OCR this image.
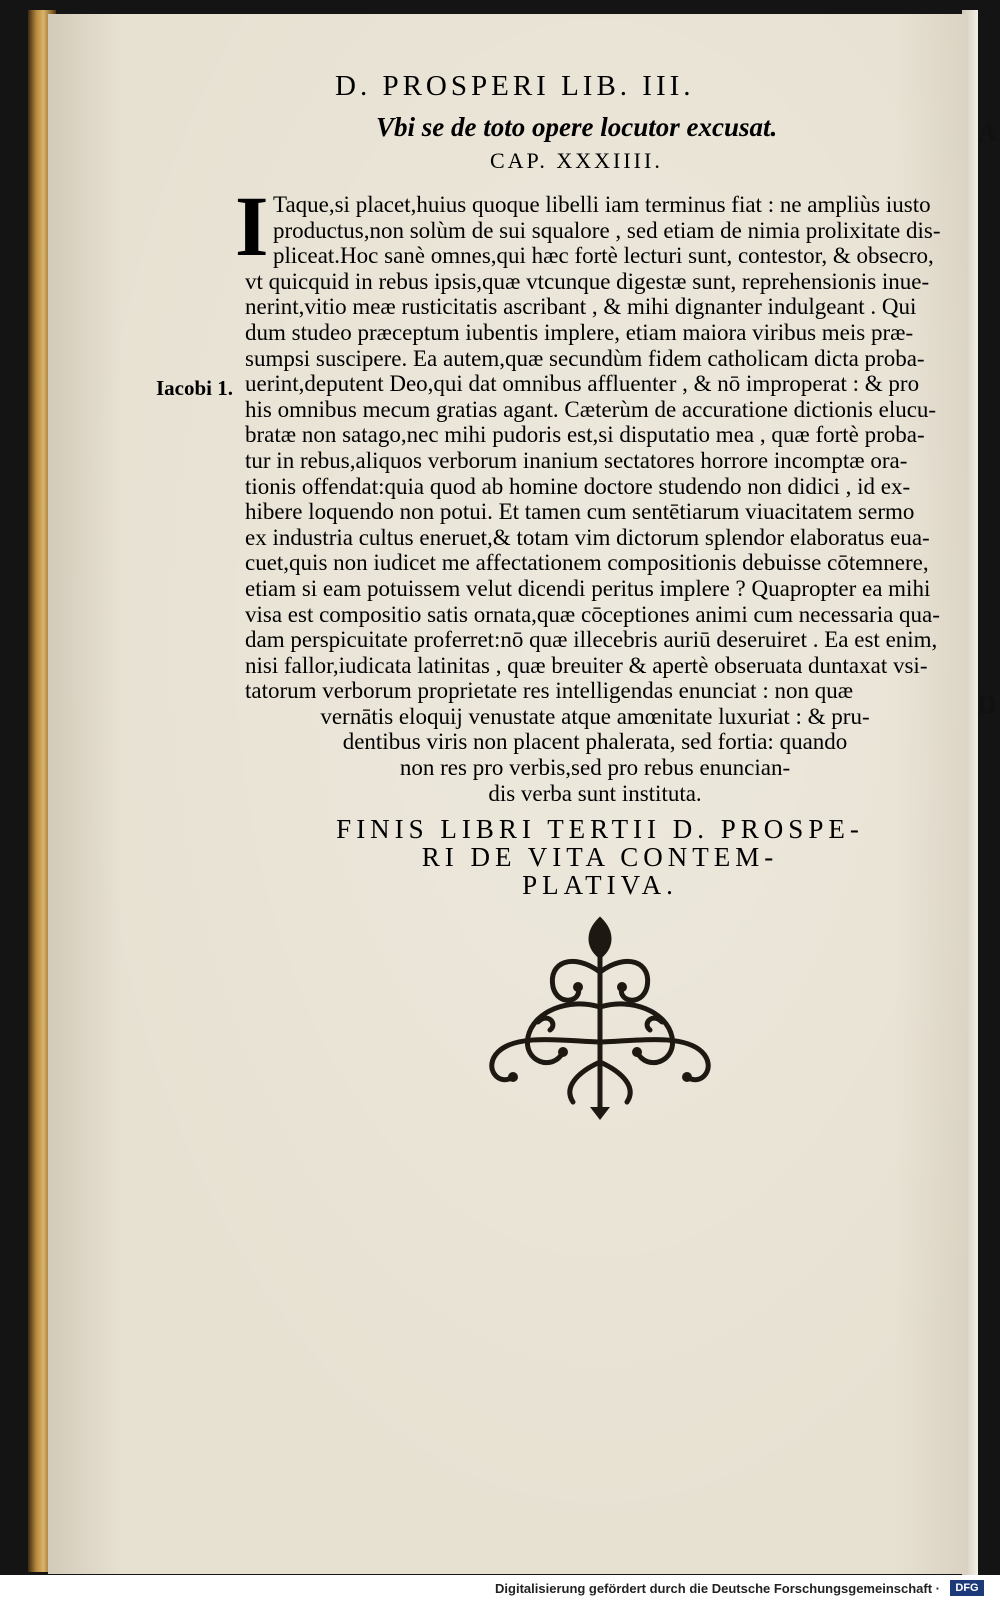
A
D
D. PROSPERI LIB. III.
Vbi se de toto opere locutor excusat.
CAP. XXXIIII.
Iacobi 1.
I Taque,si placet,huius quoque libelli iam terminus fiat : ne ampliùs iusto
productus,non solùm de sui squalore , sed etiam de nimia prolixitate dis-
pliceat.Hoc sanè omnes,qui hæc fortè lecturi sunt, contestor, & obsecro,
vt quicquid in rebus ipsis,quæ vtcunque digestæ sunt, reprehensionis inue-
nerint,vitio meæ rusticitatis ascribant , & mihi dignanter indulgeant . Qui
dum studeo præceptum iubentis implere, etiam maiora viribus meis præ-
sumpsi suscipere. Ea autem,quæ secundùm fidem catholicam dicta proba-
uerint,deputent Deo,qui dat omnibus affluenter , & nō improperat : & pro
his omnibus mecum gratias agant. Cæterùm de accuratione dictionis elucu-
bratæ non satago,nec mihi pudoris est,si disputatio mea , quæ fortè proba-
tur in rebus,aliquos verborum inanium sectatores horrore incomptæ ora-
tionis offendat:quia quod ab homine doctore studendo non didici , id ex-
hibere loquendo non potui. Et tamen cum sentētiarum viuacitatem sermo
ex industria cultus eneruet,& totam vim dictorum splendor elaboratus eua-
cuet,quis non iudicet me affectationem compositionis debuisse cōtemnere,
etiam si eam potuissem velut dicendi peritus implere ? Quapropter ea mihi
visa est compositio satis ornata,quæ cōceptiones animi cum necessaria qua-
dam perspicuitate proferret:nō quæ illecebris auriū deseruiret . Ea est enim,
nisi fallor,iudicata latinitas , quæ breuiter & apertè obseruata duntaxat vsi-
tatorum verborum proprietate res intelligendas enunciat : non quæ
vernātis eloquij venustate atque amœnitate luxuriat : & pru-
dentibus viris non placent phalerata, sed fortia: quando
non res pro verbis,sed pro rebus enuncian-
dis verba sunt instituta.
FINIS LIBRI TERTII D. PROSPE-
RI DE VITA CONTEM-
PLATIVA.
Digitalisierung gefördert durch die Deutsche Forschungsgemeinschaft ·	DFG
